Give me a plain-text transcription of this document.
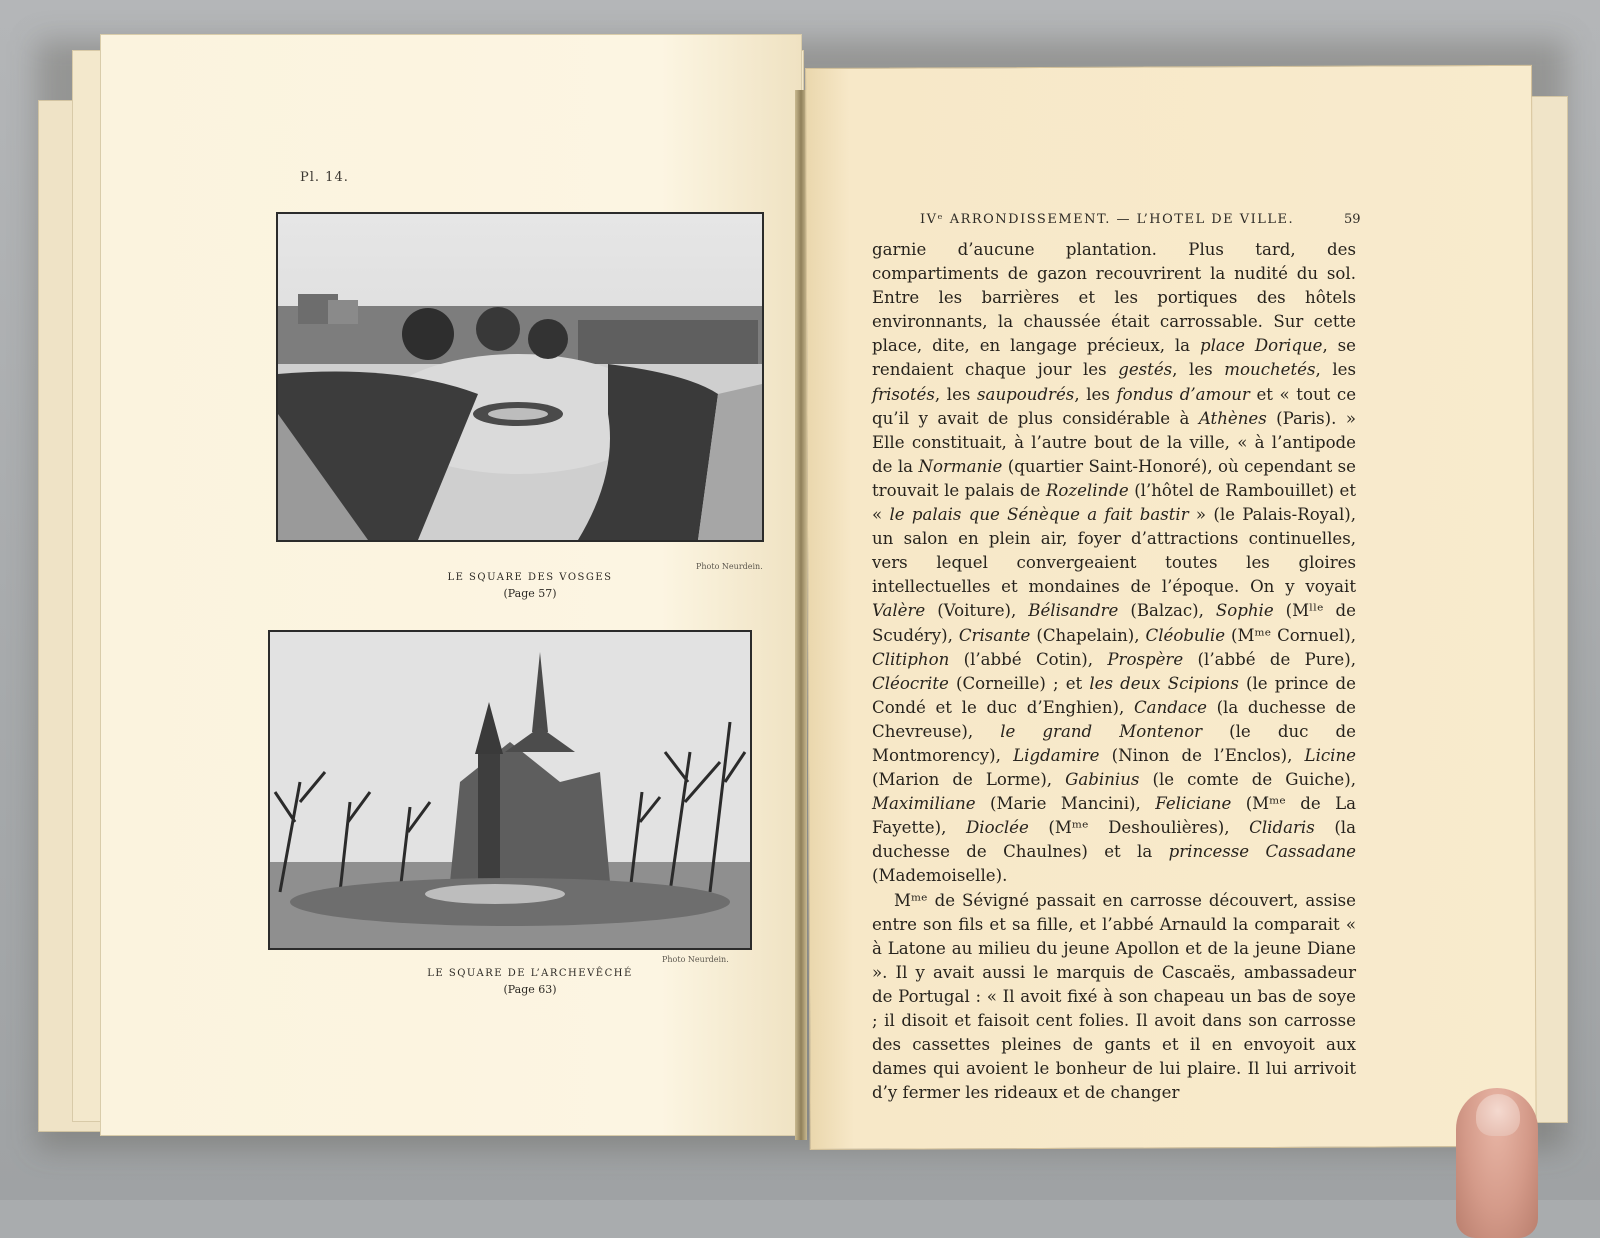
Pl. 14.
Photo Neurdein.
LE SQUARE DES VOSGES
(Page 57)
Photo Neurdein.
LE SQUARE DE L’ARCHEVÊCHÉ
(Page 63)
IVᵉ ARRONDISSEMENT. — L’HOTEL DE VILLE.	59

garnie d’aucune plantation. Plus tard, des compartiments de gazon recouvrirent la nudité du sol. Entre les barrières et les portiques des hôtels environnants, la chaussée était carrossable. Sur cette place, dite, en langage précieux, la place Dorique, se rendaient chaque jour les gestés, les mouchetés, les frisotés, les saupoudrés, les fondus d’amour et « tout ce qu’il y avait de plus considérable à Athènes (Paris). » Elle constituait, à l’autre bout de la ville, « à l’antipode de la Normanie (quartier Saint-Honoré), où cependant se trouvait le palais de Rozelinde (l’hôtel de Rambouillet) et « le palais que Sénèque a fait bastir » (le Palais-Royal), un salon en plein air, foyer d’attractions continuelles, vers lequel convergeaient toutes les gloires intellectuelles et mondaines de l’époque. On y voyait Valère (Voiture), Bélisandre (Balzac), Sophie (Mˡˡᵉ de Scudéry), Crisante (Chapelain), Cléobulie (Mᵐᵉ Cornuel), Clitiphon (l’abbé Cotin), Prospère (l’abbé de Pure), Cléocrite (Corneille) ; et les deux Scipions (le prince de Condé et le duc d’Enghien), Candace (la duchesse de Chevreuse), le grand Montenor (le duc de Montmorency), Ligdamire (Ninon de l’Enclos), Licine (Marion de Lorme), Gabinius (le comte de Guiche), Maximiliane (Marie Mancini), Feliciane (Mᵐᵉ de La Fayette), Dioclée (Mᵐᵉ Deshoulières), Clidaris (la duchesse de Chaulnes) et la princesse Cassadane (Mademoiselle).

Mᵐᵉ de Sévigné passait en carrosse découvert, assise entre son fils et sa fille, et l’abbé Arnauld la comparait « à Latone au milieu du jeune Apollon et de la jeune Diane ». Il y avait aussi le marquis de Cascaës, ambassadeur de Portugal : « Il avoit fixé à son chapeau un bas de soye ; il disoit et faisoit cent folies. Il avoit dans son carrosse des cassettes pleines de gants et il en envoyoit aux dames qui avoient le bonheur de lui plaire. Il lui arrivoit d’y fermer les rideaux et de changer
